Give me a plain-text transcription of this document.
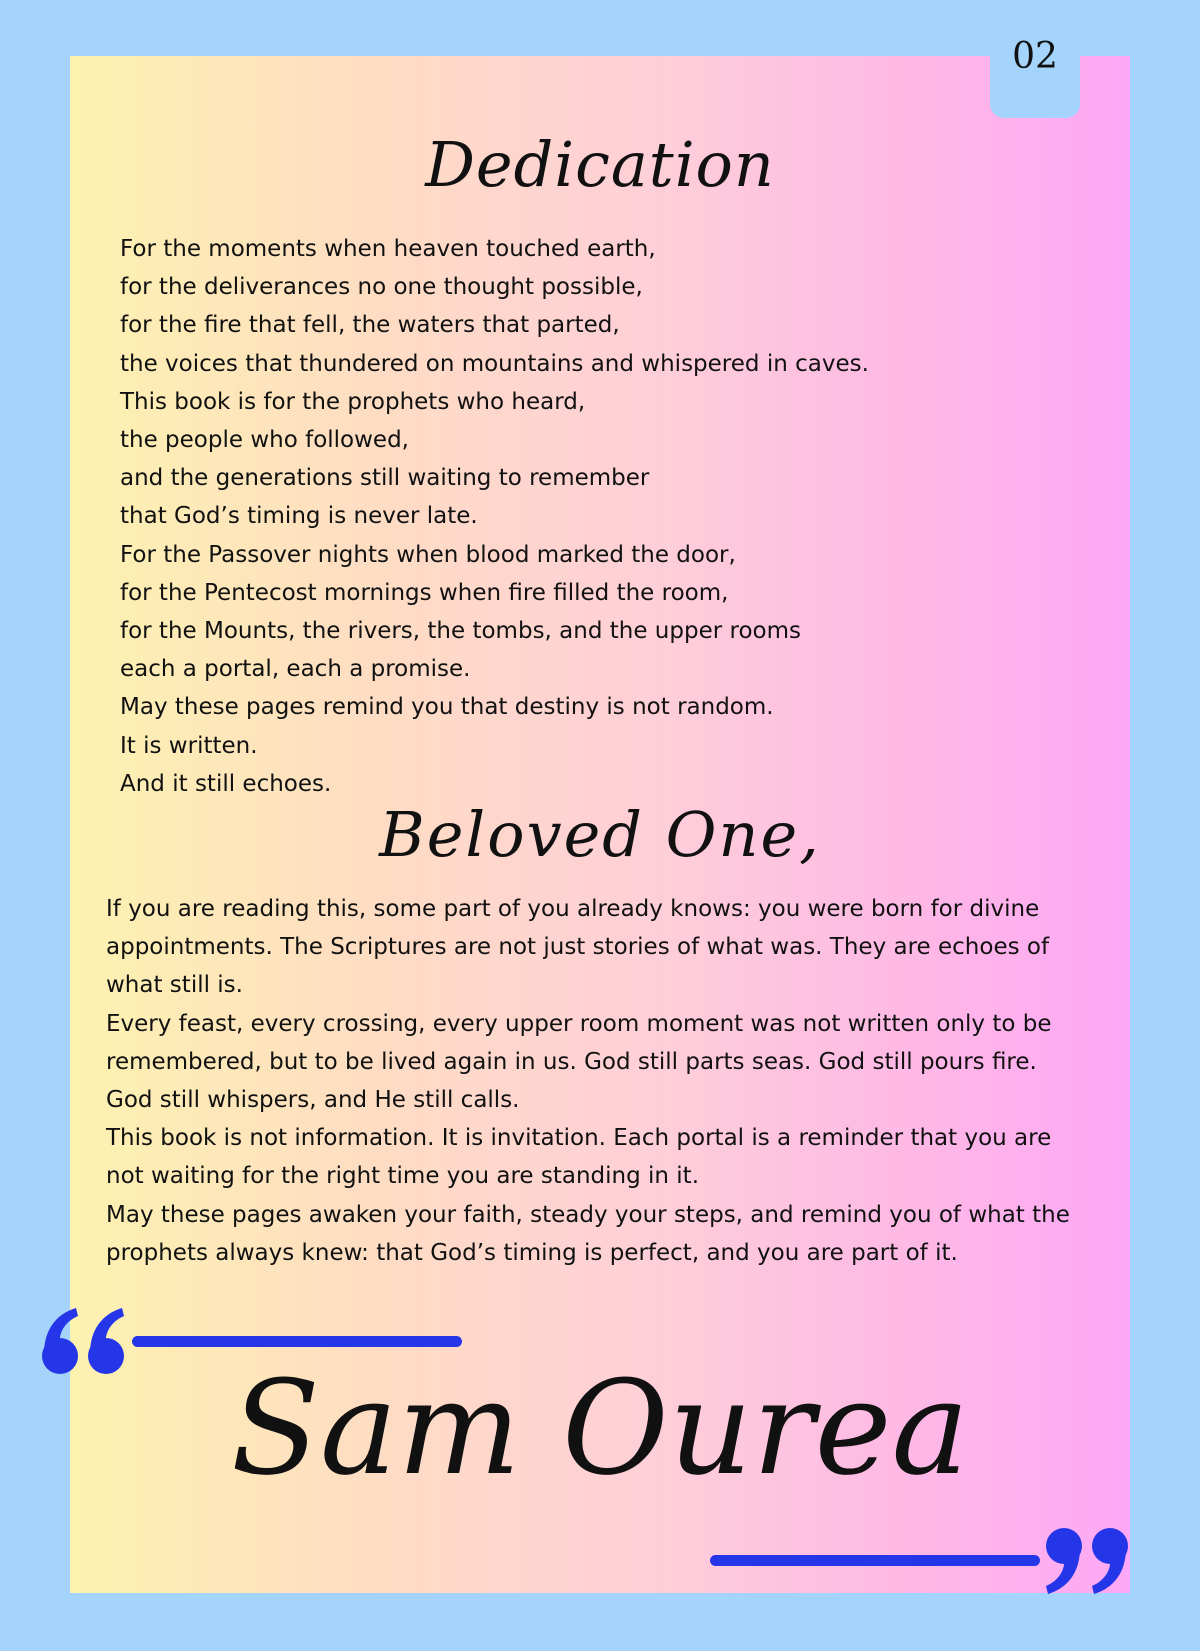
02
Dedication
For the moments when heaven touched earth,
for the deliverances no one thought possible,
for the fire that fell, the waters that parted,
the voices that thundered on mountains and whispered in caves.
This book is for the prophets who heard,
the people who followed,
and the generations still waiting to remember
that God’s timing is never late.
For the Passover nights when blood marked the door,
for the Pentecost mornings when fire filled the room,
for the Mounts, the rivers, the tombs, and the upper rooms
each a portal, each a promise.
May these pages remind you that destiny is not random.
It is written.
And it still echoes.
Beloved One,

If you are reading this, some part of you already knows: you were born for divine appointments. The Scriptures are not just stories of what was. They are echoes of what still is.

Every feast, every crossing, every upper room moment was not written only to be remembered, but to be lived again in us. God still parts seas. God still pours fire. God still whispers, and He still calls.

This book is not information. It is invitation. Each portal is a reminder that you are not waiting for the right time you are standing in it.

May these pages awaken your faith, steady your steps, and remind you of what the prophets always knew: that God’s timing is perfect, and you are part of it.

Sam Ourea
